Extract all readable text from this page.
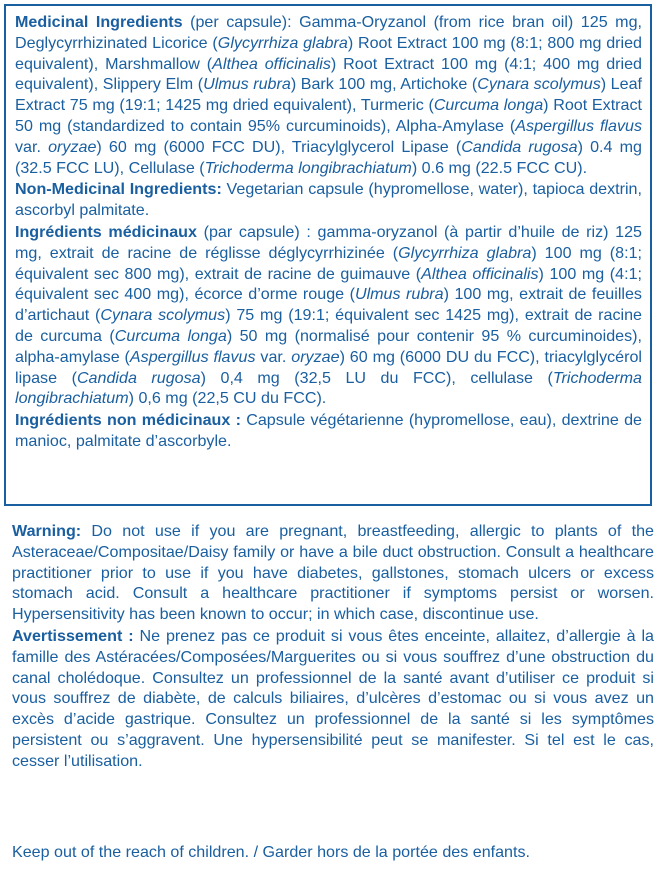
Medicinal Ingredients (per capsule): Gamma-Oryzanol (from rice bran oil) 125 mg, Deglycyrrhizinated Licorice (Glycyrrhiza glabra) Root Extract 100 mg (8:1; 800 mg dried equivalent), Marshmallow (Althea officinalis) Root Extract 100 mg (4:1; 400 mg dried equivalent), Slippery Elm (Ulmus rubra) Bark 100 mg, Artichoke (Cynara scolymus) Leaf Extract 75 mg (19:1; 1425 mg dried equivalent), Turmeric (Curcuma longa) Root Extract 50 mg (standardized to contain 95% curcuminoids), Alpha-Amylase (Aspergillus flavus var. oryzae) 60 mg (6000 FCC DU), Triacylglycerol Lipase (Candida rugosa) 0.4 mg (32.5 FCC LU), Cellulase (Trichoderma longibrachiatum) 0.6 mg (22.5 FCC CU).

Non-Medicinal Ingredients: Vegetarian capsule (hypromellose, water), tapioca dextrin, ascorbyl palmitate.

Ingrédients médicinaux (par capsule) : gamma-oryzanol (à partir d’huile de riz) 125 mg, extrait de racine de réglisse déglycyrrhizinée (Glycyrrhiza glabra) 100 mg (8:1; équivalent sec 800 mg), extrait de racine de guimauve (Althea officinalis) 100 mg (4:1; équivalent sec 400 mg), écorce d’orme rouge (Ulmus rubra) 100 mg, extrait de feuilles d’artichaut (Cynara scolymus) 75 mg (19:1; équivalent sec 1425 mg), extrait de racine de curcuma (Curcuma longa) 50 mg (normalisé pour contenir 95 % curcuminoides), alpha-amylase (Aspergillus flavus var. oryzae) 60 mg (6000 DU du FCC), triacylglycérol lipase (Candida rugosa) 0,4 mg (32,5 LU du FCC), cellulase (Trichoderma longibrachiatum) 0,6 mg (22,5 CU du FCC).

Ingrédients non médicinaux : Capsule végétarienne (hypromellose, eau), dextrine de manioc, palmitate d’ascorbyle.

Warning: Do not use if you are pregnant, breastfeeding, allergic to plants of the Asteraceae/Compositae/Daisy family or have a bile duct obstruction. Consult a healthcare practitioner prior to use if you have diabetes, gallstones, stomach ulcers or excess stomach acid. Consult a healthcare practitioner if symptoms persist or worsen. Hypersensitivity has been known to occur; in which case, discontinue use.

Avertissement : Ne prenez pas ce produit si vous êtes enceinte, allaitez, d’allergie à la famille des Astéracées/Composées/Marguerites ou si vous souffrez d’une obstruction du canal cholédoque. Consultez un professionnel de la santé avant d’utiliser ce produit si vous souffrez de diabète, de calculs biliaires, d’ulcères d’estomac ou si vous avez un excès d’acide gastrique. Consultez un professionnel de la santé si les symptômes persistent ou s’aggravent. Une hypersensibilité peut se manifester. Si tel est le cas, cesser l’utilisation.

Keep out of the reach of children. / Garder hors de la portée des enfants.
